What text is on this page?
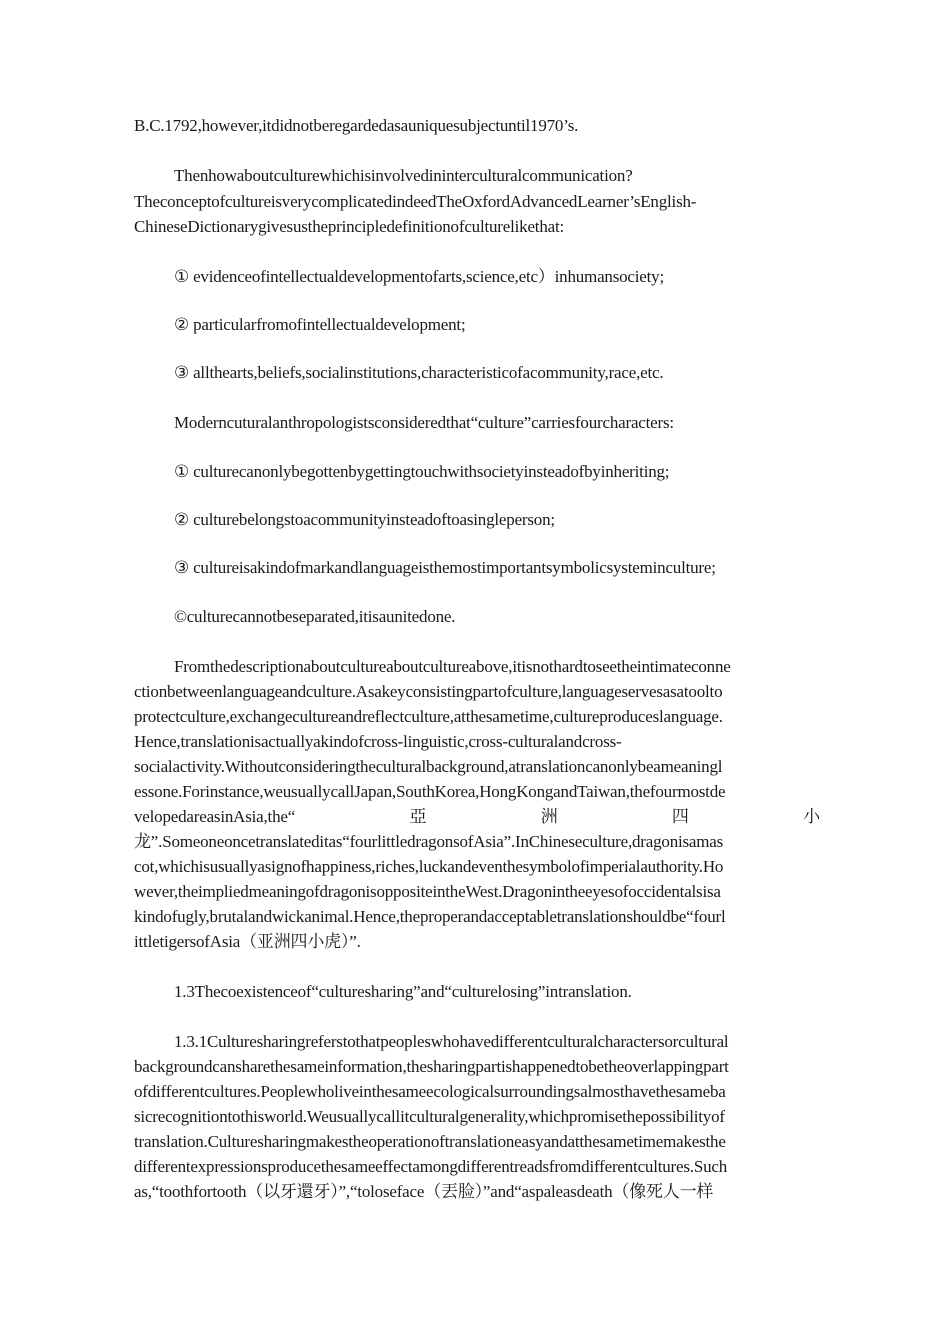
B.C.1792,however,itdidnotberegardedasauniquesubjectuntil1970’s.
Thenhowaboutculturewhichisinvolvedininterculturalcommunication?
TheconceptofcultureisverycomplicatedindeedTheOxfordAdvancedLearner’sEnglish-
ChineseDictionarygivesustheprincipledefinitionofculturelikethat:
① evidenceofintellectualdevelopmentofarts,science,etc）inhumansociety;
② particularfromofintellectualdevelopment;
③ allthearts,beliefs,socialinstitutions,characteristicofacommunity,race,etc.
Moderncuturalanthropologistsconsideredthat“culture”carriesfourcharacters:
① culturecanonlybegottenbygettingtouchwithsocietyinsteadofbyinheriting;
② culturebelongstoacommunityinsteadoftoasingleperson;
③ cultureisakindofmarkandlanguageisthemostimportantsymbolicsysteminculture;
©culturecannotbeseparated,itisaunitedone.
Fromthedescriptionaboutcultureaboutcultureabove,itisnothardtoseetheintimateconne
ctionbetweenlanguageandculture.Asakeyconsistingpartofculture,languageservesasatoolto
protectculture,exchangecultureandreflectculture,atthesametime,cultureproduceslanguage.
Hence,translationisactuallyakindofcross-linguistic,cross-culturalandcross-
socialactivity.Withoutconsideringtheculturalbackground,atranslationcanonlybeameaningl
essone.Forinstance,weusuallycallJapan,SouthKorea,HongKongandTaiwan,thefourmostde
velopedareasinAsia,the“	亞	洲	四	小
龙”.Someoneoncetranslateditas“fourlittledragonsofAsia”.InChineseculture,dragonisamas
cot,whichisusuallyasignofhappiness,riches,luckandeventhesymbolofimperialauthority.Ho
wever,theimpliedmeaningofdragonisoppositeintheWest.Dragonintheeyesofoccidentalsisa
kindofugly,brutalandwickanimal.Hence,theproperandacceptabletranslationshouldbe“fourl
ittletigersofAsia（亚洲四小虎）”.
1.3Thecoexistenceof“culturesharing”and“culturelosing”intranslation.
1.3.1Culturesharingreferstothatpeopleswhohavedifferentculturalcharactersorcultural
backgroundcansharethesameinformation,thesharingpartishappenedtobetheoverlappingpart
ofdifferentcultures.Peoplewholiveinthesameecologicalsurroundingsalmosthavethesameba
sicrecognitiontothisworld.Weusuallycallitculturalgenerality,whichpromisethepossibilityof
translation.Culturesharingmakestheoperationoftranslationeasyandatthesametimemakesthe
differentexpressionsproducethesameeffectamongdifferentreadsfromdifferentcultures.Such
as,“toothfortooth（以牙還牙）”,“toloseface（丟脸）”and“aspaleasdeath（像死人一样
